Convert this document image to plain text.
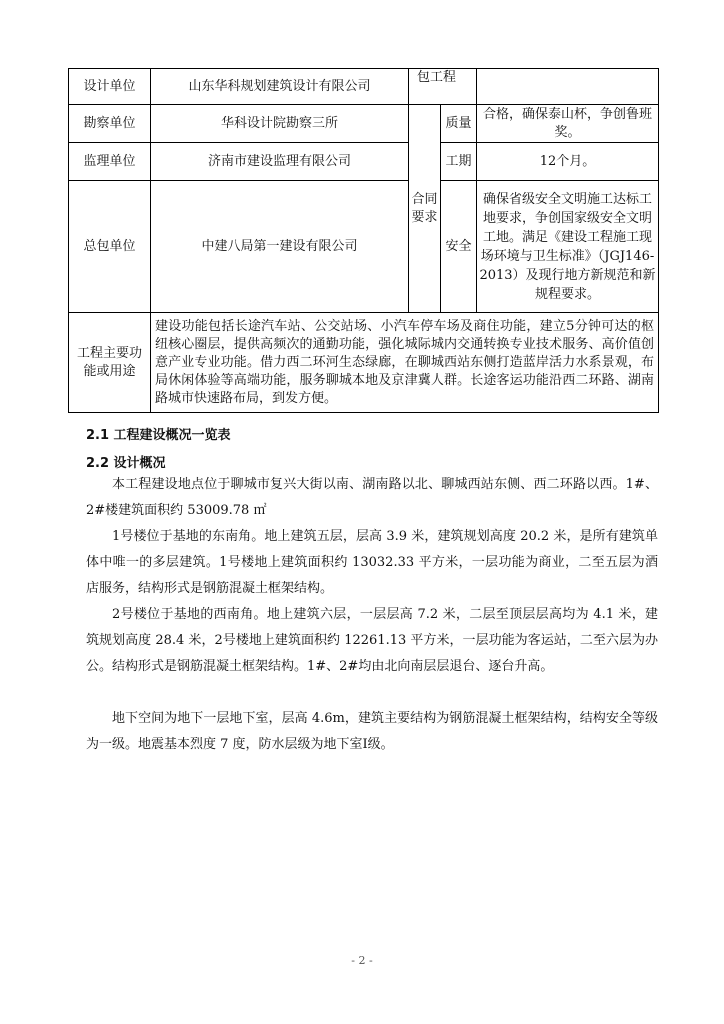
设计单位	山东华科规划建筑设计有限公司	包工程		
勘察单位	华科设计院勘察三所	合同要求	质量	合格，确保泰山杯，争创鲁班奖。
监理单位	济南市建设监理有限公司		工期	12个月。
总包单位	中建八局第一建设有限公司		安全	确保省级安全文明施工达标工地要求，争创国家级安全文明工地。满足《建设工程施工现场环境与卫生标准》（JGJ146-2013）及现行地方新规范和新规程要求。
工程主要功能或用途	建设功能包括长途汽车站、公交站场、小汽车停车场及商住功能，建立5分钟可达的枢纽核心圈层，提供高频次的通勤功能，强化城际城内交通转换专业技术服务、高价值创意产业专业功能。借力西二环河生态绿廊，在聊城西站东侧打造蓝岸活力水系景观，布局休闲体验等高端功能，服务聊城本地及京津冀人群。长途客运功能沿西二环路、湖南路城市快速路布局，到发方便。			
2.1 工程建设概况一览表
2.2 设计概况

本工程建设地点位于聊城市复兴大街以南、湖南路以北、聊城西站东侧、西二环路以西。1#、2#楼建筑面积约 53009.78 ㎡

1号楼位于基地的东南角。地上建筑五层，层高 3.9 米，建筑规划高度 20.2 米，是所有建筑单体中唯一的多层建筑。1号楼地上建筑面积约 13032.33 平方米，一层功能为商业，二至五层为酒店服务，结构形式是钢筋混凝土框架结构。

2号楼位于基地的西南角。地上建筑六层，一层层高 7.2 米，二层至顶层层高均为 4.1 米，建筑规划高度 28.4 米，2号楼地上建筑面积约 12261.13 平方米，一层功能为客运站，二至六层为办公。结构形式是钢筋混凝土框架结构。1#、2#均由北向南层层退台、逐台升高。

地下空间为地下一层地下室，层高 4.6m，建筑主要结构为钢筋混凝土框架结构，结构安全等级为一级。地震基本烈度 7 度，防水层级为地下室Ⅰ级。

- 2 -
